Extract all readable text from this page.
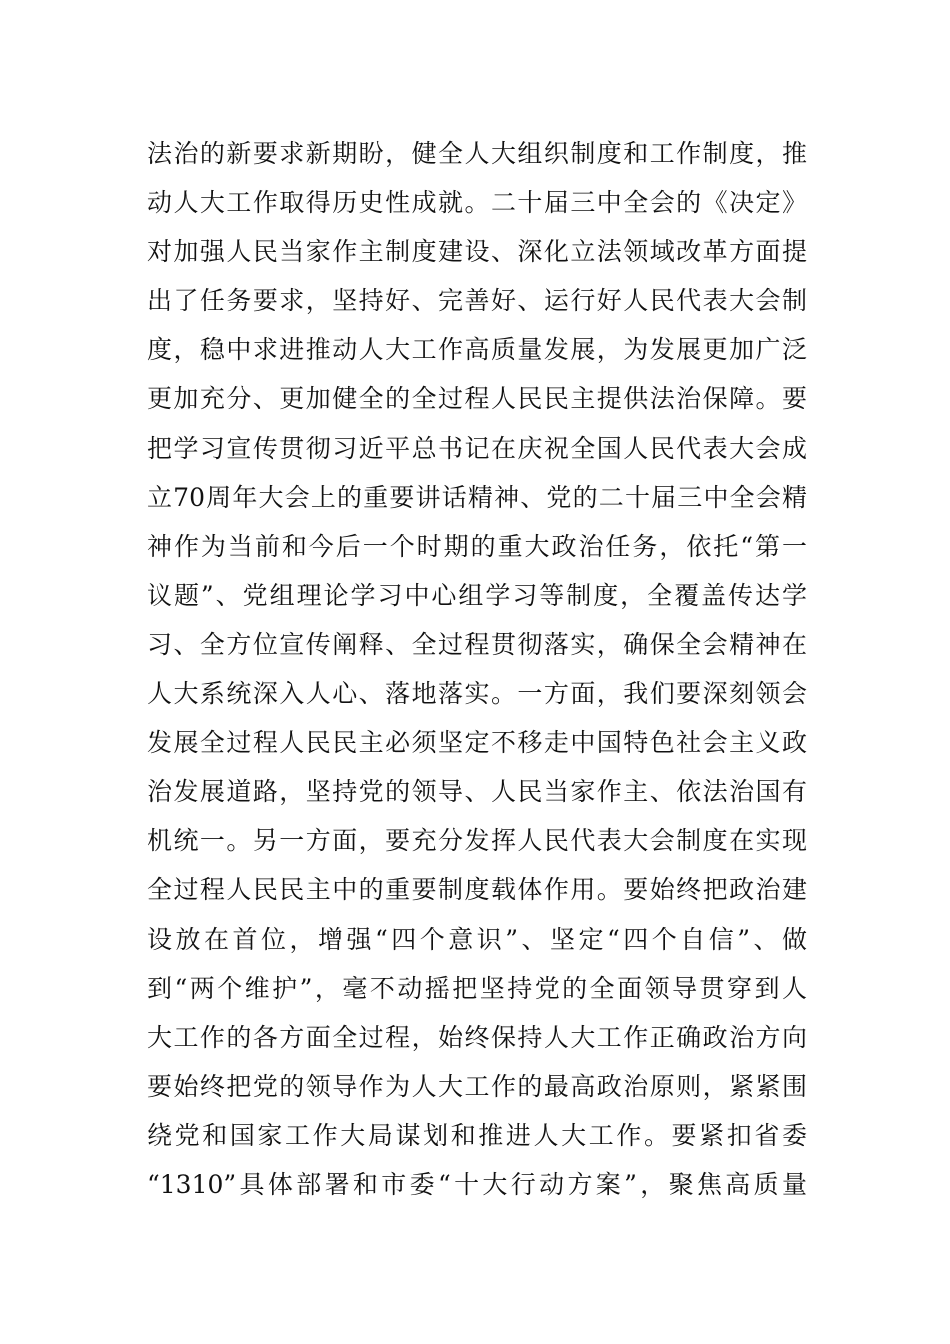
法治的新要求新期盼，健全人大组织制度和工作制度，推
动人大工作取得历史性成就。二十届三中全会的《决定》
对加强人民当家作主制度建设、深化立法领域改革方面提
出了任务要求，坚持好、完善好、运行好人民代表大会制
度，稳中求进推动人大工作高质量发展，为发展更加广泛
更加充分、更加健全的全过程人民民主提供法治保障。要
把学习宣传贯彻习近平总书记在庆祝全国人民代表大会成
立70周年大会上的重要讲话精神、党的二十届三中全会精
神作为当前和今后一个时期的重大政治任务，依托“第一
议题”、党组理论学习中心组学习等制度，全覆盖传达学
习、全方位宣传阐释、全过程贯彻落实，确保全会精神在
人大系统深入人心、落地落实。一方面，我们要深刻领会
发展全过程人民民主必须坚定不移走中国特色社会主义政
治发展道路，坚持党的领导、人民当家作主、依法治国有
机统一。另一方面，要充分发挥人民代表大会制度在实现
全过程人民民主中的重要制度载体作用。要始终把政治建
设放在首位，增强“四个意识”、坚定“四个自信”、做
到“两个维护”，毫不动摇把坚持党的全面领导贯穿到人
大工作的各方面全过程，始终保持人大工作正确政治方向
要始终把党的领导作为人大工作的最高政治原则，紧紧围
绕党和国家工作大局谋划和推进人大工作。要紧扣省委
“1310”具体部署和市委“十大行动方案”，聚焦高质量
